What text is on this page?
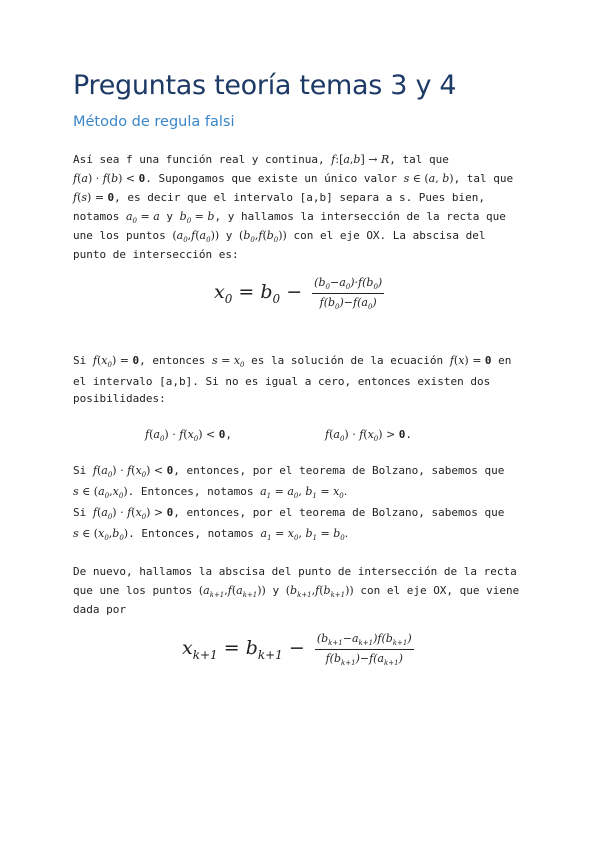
Preguntas teoría temas 3 y 4
Método de regula falsi

Así sea f una función real y continua, f:[a,b] → R, tal que

f(a) · f(b) < 0. Supongamos que existe un único valor s ∈ (a, b), tal que

f(s) = 0, es decir que el intervalo [a,b] separa a s. Pues bien,

notamos $a_0 = a$ y $b_0 = b$, y hallamos la intersección de la recta que

une los puntos $(a_0,f(a_0))$ y $(b_0,f(b_0))$ con el eje OX. La abscisa del

punto de intersección es:

$x_0 = b_0 - \frac{(b_0-a_0)\cdot f(b_0)}{f(b_0)-f(a_0)}$

Si $f(x_0) = 0$, entonces $s = x_0$ es la solución de la ecuación f(x) = 0 en

el intervalo [a,b]. Si no es igual a cero, entonces existen dos

posibilidades:

$f(a_0) \cdot f(x_0) < 0$,	$f(a_0) \cdot f(x_0) > 0$.

Si $f(a_0) \cdot f(x_0) < 0$, entonces, por el teorema de Bolzano, sabemos que

s ∈ $(a_0,x_0)$. Entonces, notamos $a_1 = a_0$, $b_1 = x_0$.

Si $f(a_0) \cdot f(x_0) > 0$, entonces, por el teorema de Bolzano, sabemos que

s ∈ $(x_0,b_0)$. Entonces, notamos $a_1 = x_0$, $b_1 = b_0$.

De nuevo, hallamos la abscisa del punto de intersección de la recta

que une los puntos $(a_{k+1},f(a_{k+1}))$ y $(b_{k+1},f(b_{k+1}))$ con el eje OX, que viene

dada por

$x_{k+1} = b_{k+1} - \frac{(b_{k+1}-a_{k+1})f(b_{k+1})}{f(b_{k+1})-f(a_{k+1})}$
